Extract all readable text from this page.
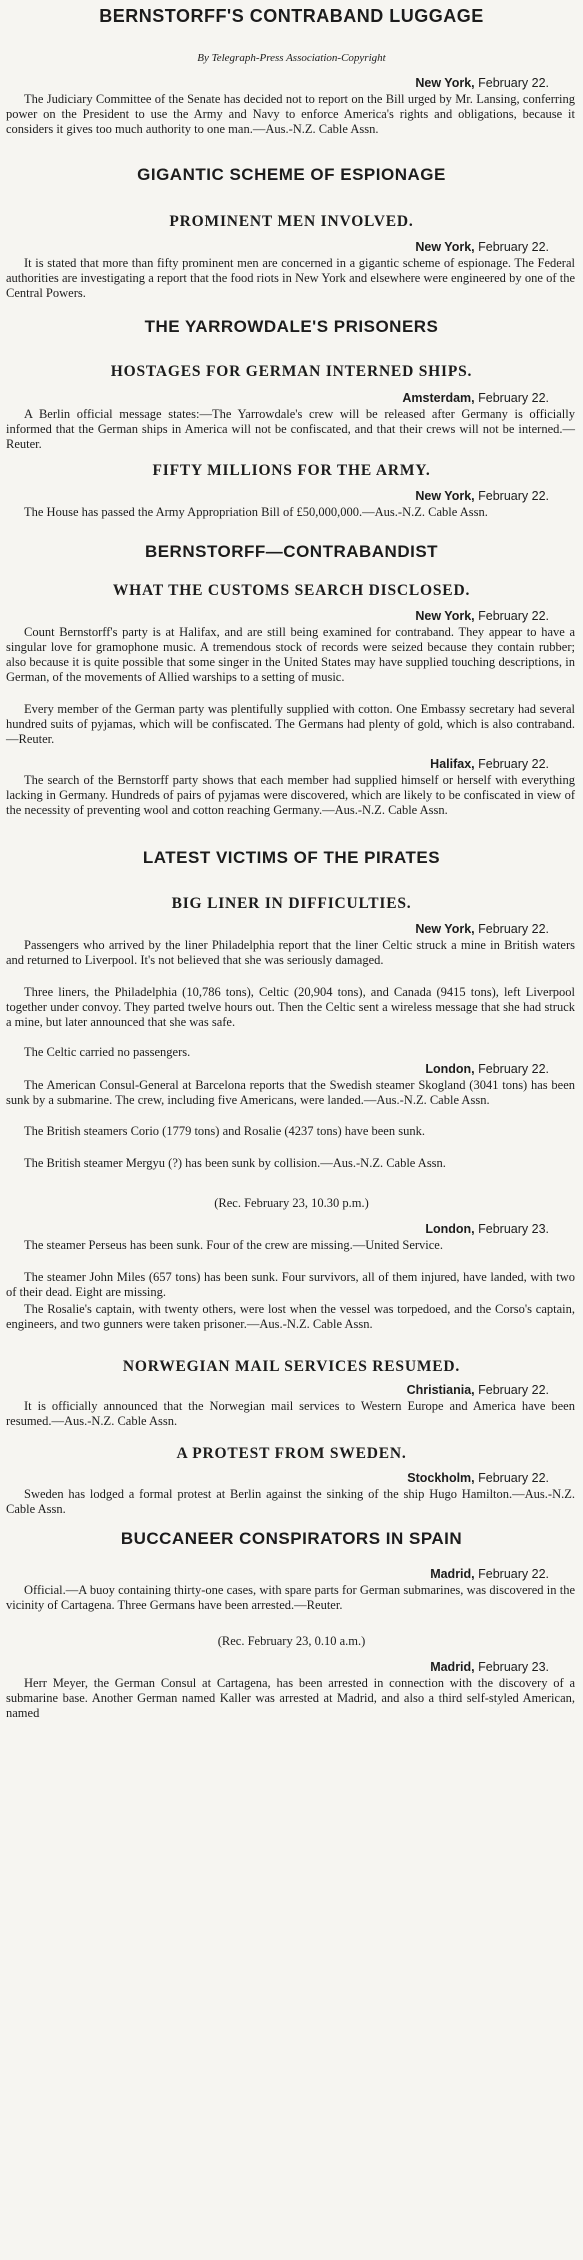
BERNSTORFF'S CONTRABAND LUGGAGE

By Telegraph-Press Association-Copyright

New York, February 22.

The Judiciary Committee of the Senate has decided not to report on the Bill urged by Mr. Lansing, conferring power on the President to use the Army and Navy to enforce America's rights and obligations, because it considers it gives too much authority to one man.—Aus.-N.Z. Cable Assn.

GIGANTIC SCHEME OF ESPIONAGE
PROMINENT MEN INVOLVED.

New York, February 22.

It is stated that more than fifty prominent men are concerned in a gigantic scheme of espionage. The Federal authorities are investigating a report that the food riots in New York and elsewhere were engineered by one of the Central Powers.

THE YARROWDALE'S PRISONERS
HOSTAGES FOR GERMAN INTERNED SHIPS.

Amsterdam, February 22.

A Berlin official message states:—The Yarrowdale's crew will be released after Germany is officially informed that the German ships in America will not be confiscated, and that their crews will not be interned.—Reuter.

FIFTY MILLIONS FOR THE ARMY.

New York, February 22.

The House has passed the Army Appropriation Bill of £50,000,000.—Aus.-N.Z. Cable Assn.

BERNSTORFF—CONTRABANDIST
WHAT THE CUSTOMS SEARCH DISCLOSED.

New York, February 22.

Count Bernstorff's party is at Halifax, and are still being examined for contraband. They appear to have a singular love for gramophone music. A tremendous stock of records were seized because they contain rubber; also because it is quite possible that some singer in the United States may have supplied touching descriptions, in German, of the movements of Allied warships to a setting of music.

Every member of the German party was plentifully supplied with cotton. One Embassy secretary had several hundred suits of pyjamas, which will be confiscated. The Germans had plenty of gold, which is also contraband.—Reuter.

Halifax, February 22.

The search of the Bernstorff party shows that each member had supplied himself or herself with everything lacking in Germany. Hundreds of pairs of pyjamas were discovered, which are likely to be confiscated in view of the necessity of preventing wool and cotton reaching Germany.—Aus.-N.Z. Cable Assn.

LATEST VICTIMS OF THE PIRATES
BIG LINER IN DIFFICULTIES.

New York, February 22.

Passengers who arrived by the liner Philadelphia report that the liner Celtic struck a mine in British waters and returned to Liverpool. It's not believed that she was seriously damaged.

Three liners, the Philadelphia (10,786 tons), Celtic (20,904 tons), and Canada (9415 tons), left Liverpool together under convoy. They parted twelve hours out. Then the Celtic sent a wireless message that she had struck a mine, but later announced that she was safe.

The Celtic carried no passengers.

London, February 22.

The American Consul-General at Barcelona reports that the Swedish steamer Skogland (3041 tons) has been sunk by a submarine. The crew, including five Americans, were landed.—Aus.-N.Z. Cable Assn.

The British steamers Corio (1779 tons) and Rosalie (4237 tons) have been sunk.

The British steamer Mergyu (?) has been sunk by collision.—Aus.-N.Z. Cable Assn.

(Rec. February 23, 10.30 p.m.)

London, February 23.

The steamer Perseus has been sunk. Four of the crew are missing.—United Service.

The steamer John Miles (657 tons) has been sunk. Four survivors, all of them injured, have landed, with two of their dead. Eight are missing.

The Rosalie's captain, with twenty others, were lost when the vessel was torpedoed, and the Corso's captain, engineers, and two gunners were taken prisoner.—Aus.-N.Z. Cable Assn.

NORWEGIAN MAIL SERVICES RESUMED.

Christiania, February 22.

It is officially announced that the Norwegian mail services to Western Europe and America have been resumed.—Aus.-N.Z. Cable Assn.

A PROTEST FROM SWEDEN.

Stockholm, February 22.

Sweden has lodged a formal protest at Berlin against the sinking of the ship Hugo Hamilton.—Aus.-N.Z. Cable Assn.

BUCCANEER CONSPIRATORS IN SPAIN

Madrid, February 22.

Official.—A buoy containing thirty-one cases, with spare parts for German submarines, was discovered in the vicinity of Cartagena. Three Germans have been arrested.—Reuter.

(Rec. February 23, 0.10 a.m.)

Madrid, February 23.

Herr Meyer, the German Consul at Cartagena, has been arrested in connection with the discovery of a submarine base. Another German named Kaller was arrested at Madrid, and also a third self-styled American, named
